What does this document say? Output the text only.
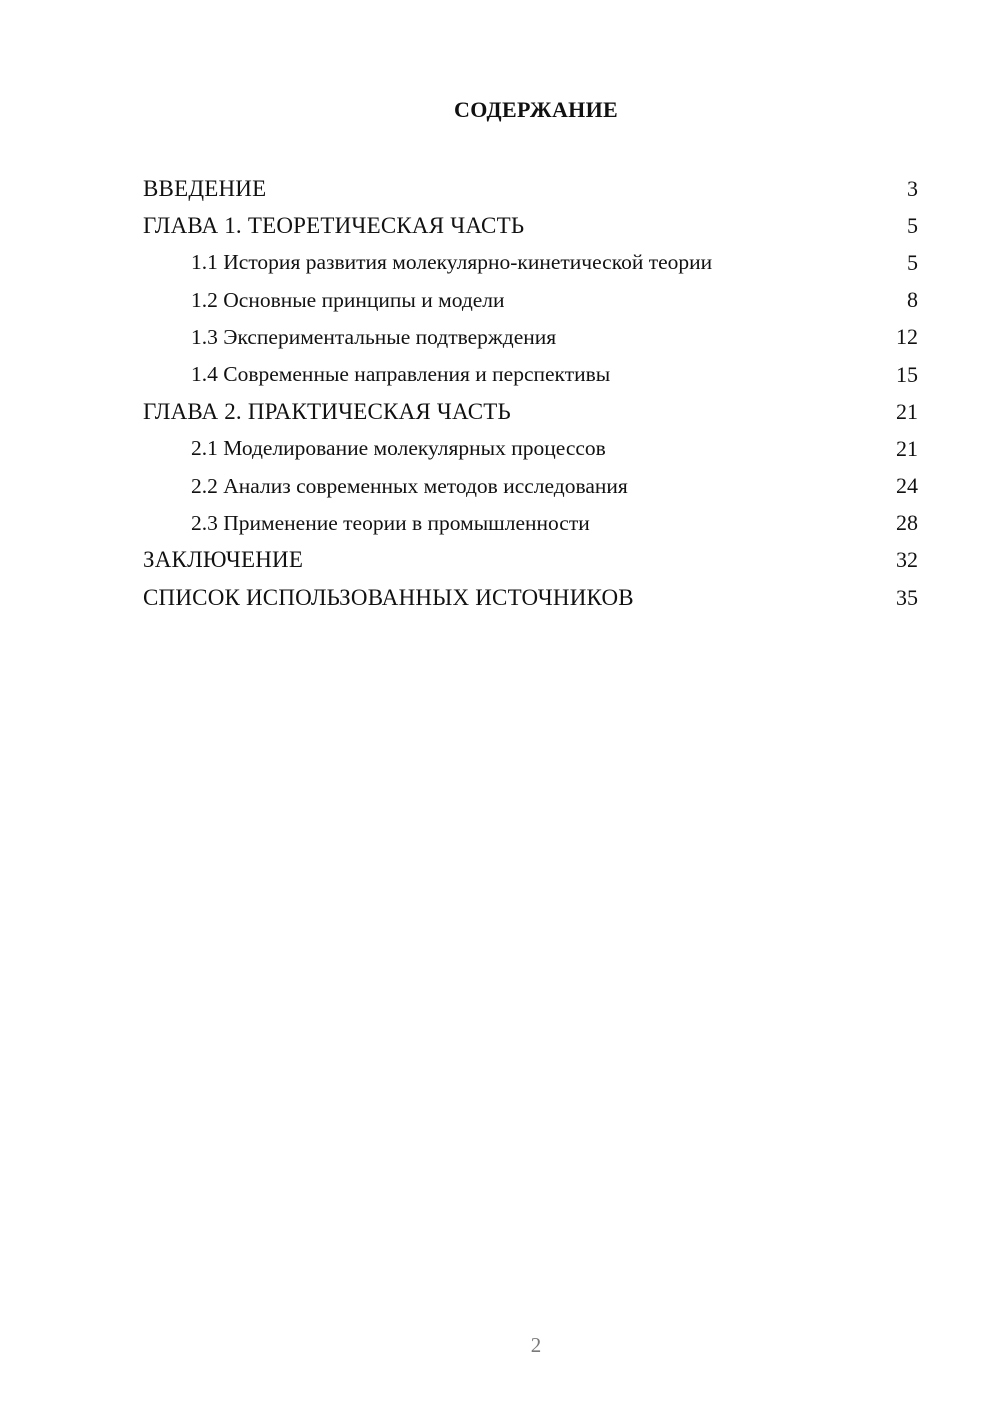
СОДЕРЖАНИЕ
ВВЕДЕНИЕ	3
ГЛАВА 1. ТЕОРЕТИЧЕСКАЯ ЧАСТЬ	5
1.1 История развития молекулярно-кинетической теории	5
1.2 Основные принципы и модели	8
1.3 Экспериментальные подтверждения	12
1.4 Современные направления и перспективы	15
ГЛАВА 2. ПРАКТИЧЕСКАЯ ЧАСТЬ	21
2.1 Моделирование молекулярных процессов	21
2.2 Анализ современных методов исследования	24
2.3 Применение теории в промышленности	28
ЗАКЛЮЧЕНИЕ	32
СПИСОК ИСПОЛЬЗОВАННЫХ ИСТОЧНИКОВ	35
2
